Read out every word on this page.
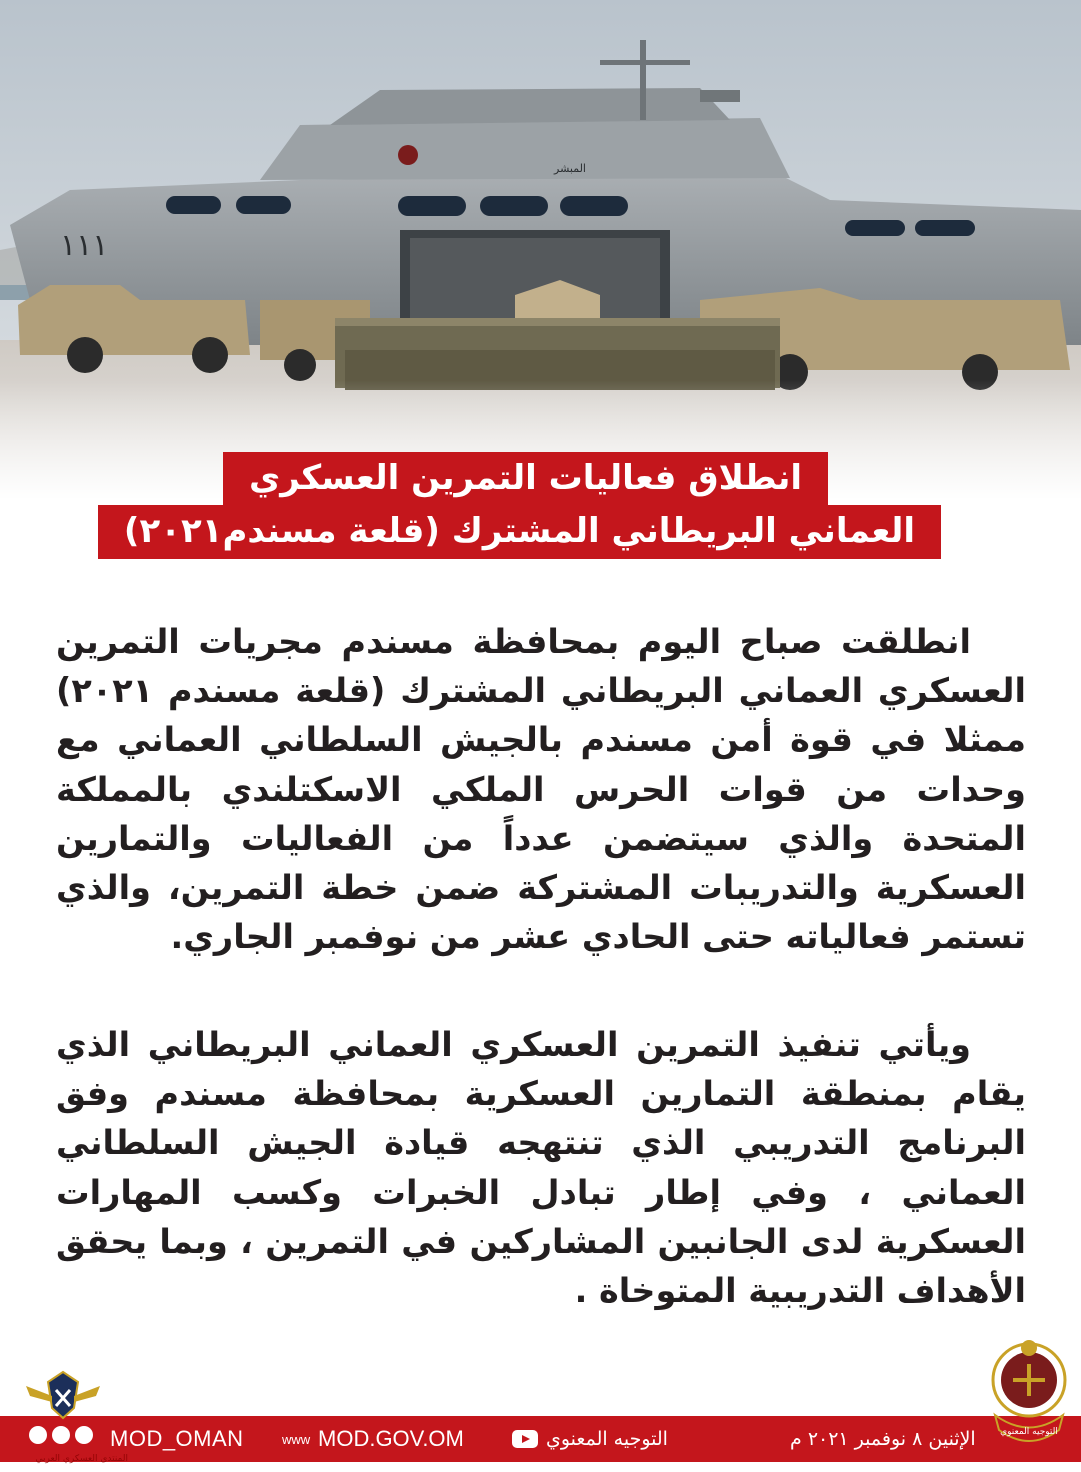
١١١
المبشر
انطلاق فعاليات التمرين العسكري
العماني البريطاني المشترك (قلعة مسندم٢٠٢١)
انطلقت صباح اليوم بمحافظة مسندم مجريات التمرين العسكري العماني البريطاني المشترك (قلعة مسندم ٢٠٢١) ممثلا في قوة أمن مسندم بالجيش السلطاني العماني مع وحدات من قوات الحرس الملكي الاسكتلندي بالمملكة المتحدة والذي سيتضمن عدداً من الفعاليات والتمارين العسكرية والتدريبات المشتركة ضمن خطة التمرين، والذي تستمر فعالياته حتى الحادي عشر من نوفمبر الجاري.
ويأتي تنفيذ التمرين العسكري العماني البريطاني الذي يقام بمنطقة التمارين العسكرية بمحافظة مسندم وفق البرنامج التدريبي الذي تنتهجه قيادة الجيش السلطاني العماني ، وفي إطار تبادل الخبرات وكسب المهارات العسكرية لدى الجانبين المشاركين في التمرين ، وبما يحقق الأهداف التدريبية المتوخاة .
MOD_OMAN	www MOD.GOV.OM	التوجيه المعنوي	الإثنين ٨ نوفمبر ٢٠٢١ م	التوجيه المعنوي
المنتدى العسكري العربي
